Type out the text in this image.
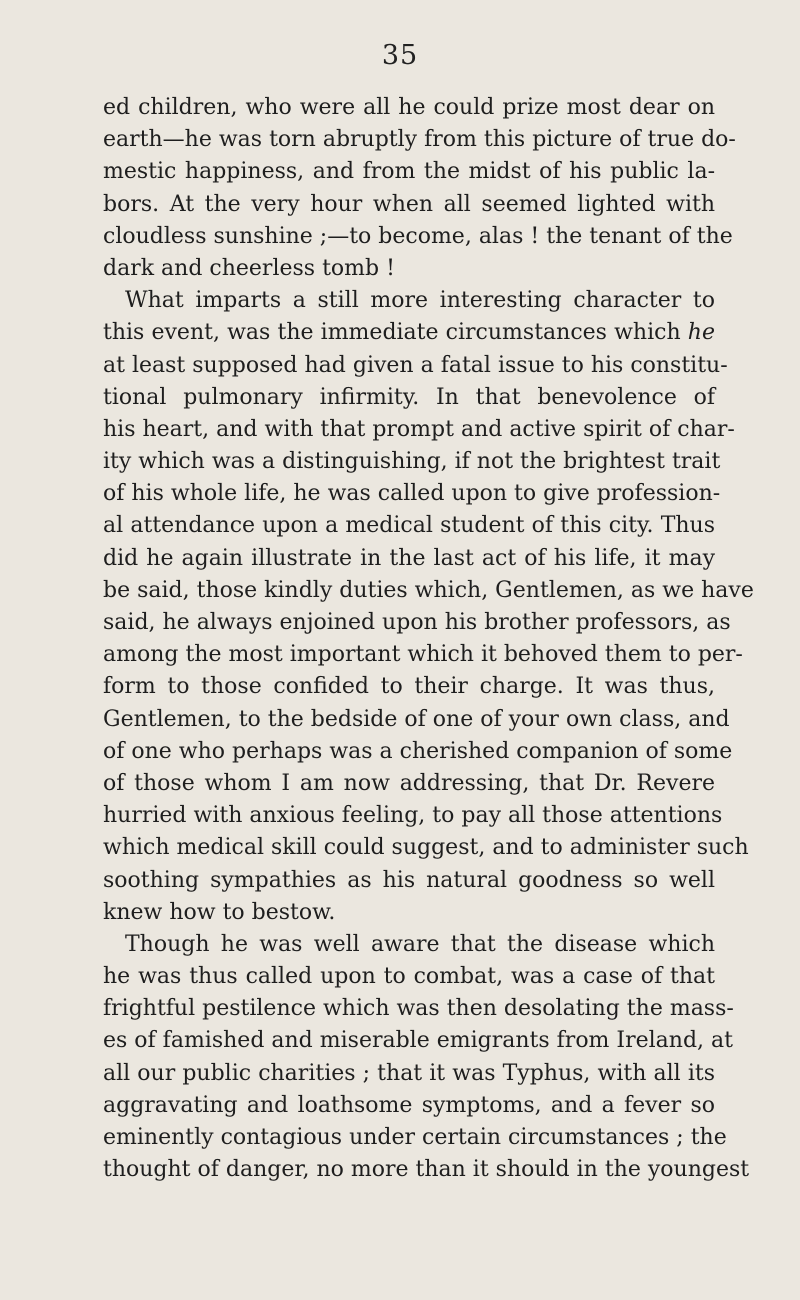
35
ed children, who were all he could prize most dear on
earth—he was torn abruptly from this picture of true do-
mestic happiness, and from the midst of his public la-
bors. At the very hour when all seemed lighted with
cloudless sunshine ;—to become, alas ! the tenant of the
dark and cheerless tomb !
What imparts a still more interesting character to
this event, was the immediate circumstances which he
at least supposed had given a fatal issue to his constitu-
tional pulmonary infirmity. In that benevolence of
his heart, and with that prompt and active spirit of char-
ity which was a distinguishing, if not the brightest trait
of his whole life, he was called upon to give profession-
al attendance upon a medical student of this city. Thus
did he again illustrate in the last act of his life, it may
be said, those kindly duties which, Gentlemen, as we have
said, he always enjoined upon his brother professors, as
among the most important which it behoved them to per-
form to those confided to their charge. It was thus,
Gentlemen, to the bedside of one of your own class, and
of one who perhaps was a cherished companion of some
of those whom I am now addressing, that Dr. Revere
hurried with anxious feeling, to pay all those attentions
which medical skill could suggest, and to administer such
soothing sympathies as his natural goodness so well
knew how to bestow.
Though he was well aware that the disease which
he was thus called upon to combat, was a case of that
frightful pestilence which was then desolating the mass-
es of famished and miserable emigrants from Ireland, at
all our public charities ; that it was Typhus, with all its
aggravating and loathsome symptoms, and a fever so
eminently contagious under certain circumstances ; the
thought of danger, no more than it should in the youngest
